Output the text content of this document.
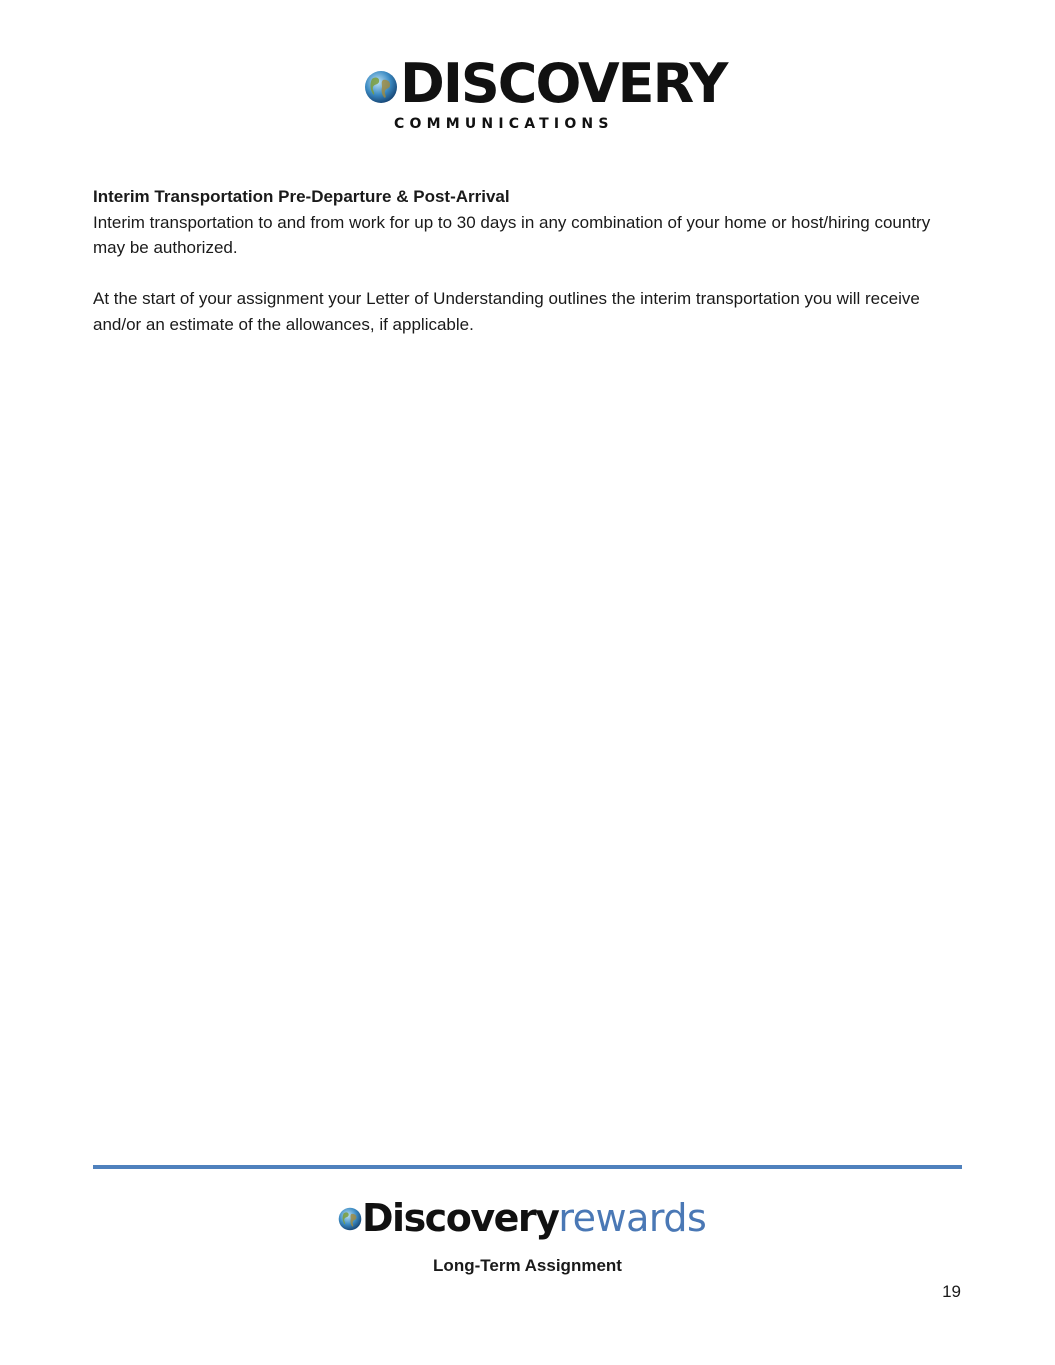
DISCOVERY
COMMUNICATIONS

Interim Transportation Pre-Departure & Post-Arrival

Interim transportation to and from work for up to 30 days in any combination of your home or host/hiring country may be authorized.

At the start of your assignment your Letter of Understanding outlines the interim transportation you will receive and/or an estimate of the allowances, if applicable.

Discoveryrewards
Long-Term Assignment
19
